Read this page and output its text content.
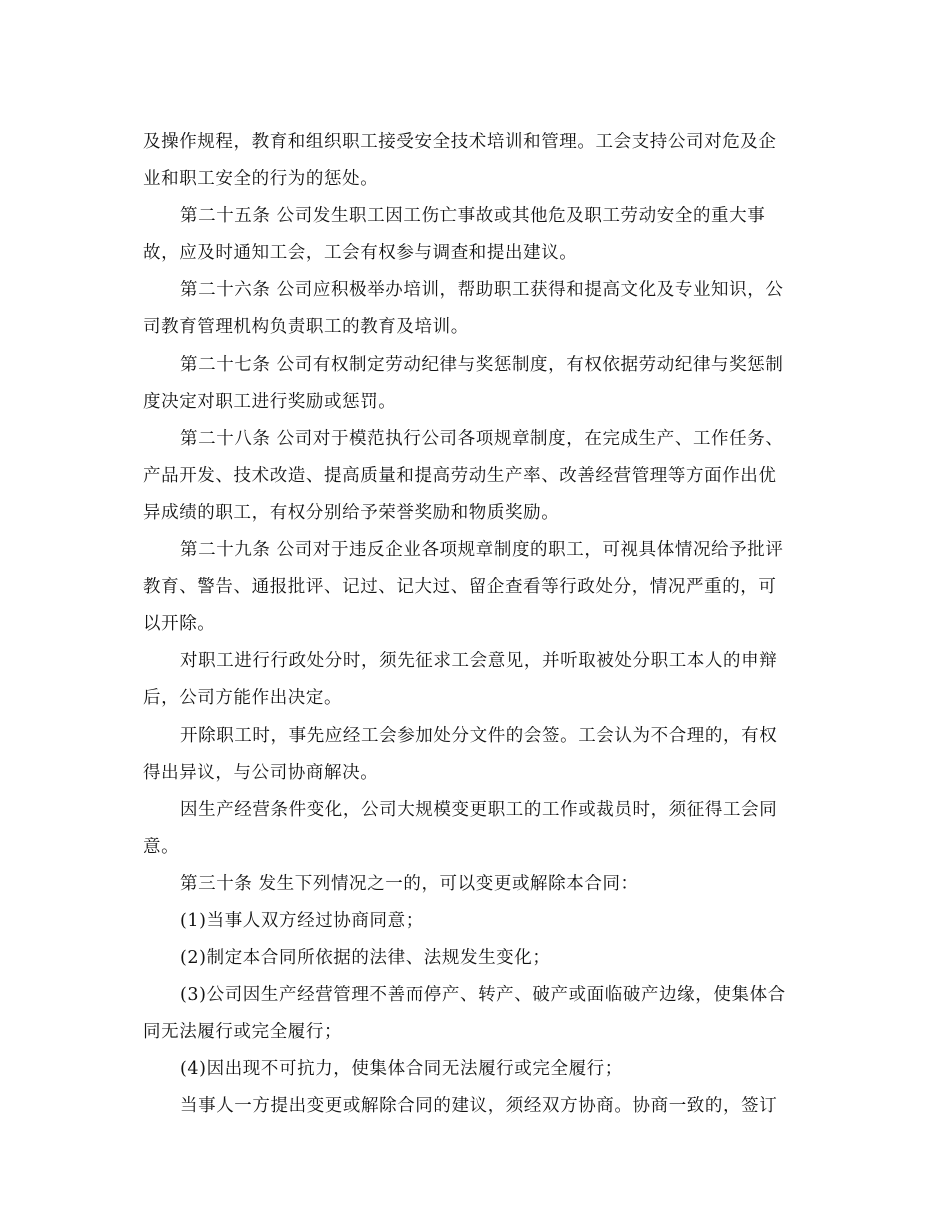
及操作规程，教育和组织职工接受安全技术培训和管理。工会支持公司对危及企
业和职工安全的行为的惩处。

第二十五条 公司发生职工因工伤亡事故或其他危及职工劳动安全的重大事
故，应及时通知工会，工会有权参与调查和提出建议。

第二十六条 公司应积极举办培训，帮助职工获得和提高文化及专业知识，公
司教育管理机构负责职工的教育及培训。

第二十七条 公司有权制定劳动纪律与奖惩制度，有权依据劳动纪律与奖惩制
度决定对职工进行奖励或惩罚。

第二十八条 公司对于模范执行公司各项规章制度，在完成生产、工作任务、
产品开发、技术改造、提高质量和提高劳动生产率、改善经营管理等方面作出优
异成绩的职工，有权分别给予荣誉奖励和物质奖励。

第二十九条 公司对于违反企业各项规章制度的职工，可视具体情况给予批评
教育、警告、通报批评、记过、记大过、留企查看等行政处分，情况严重的，可
以开除。

对职工进行行政处分时，须先征求工会意见，并听取被处分职工本人的申辩
后，公司方能作出决定。

开除职工时，事先应经工会参加处分文件的会签。工会认为不合理的，有权
得出异议，与公司协商解决。

因生产经营条件变化，公司大规模变更职工的工作或裁员时，须征得工会同
意。

第三十条 发生下列情况之一的，可以变更或解除本合同：

(1)当事人双方经过协商同意；

(2)制定本合同所依据的法律、法规发生变化；

(3)公司因生产经营管理不善而停产、转产、破产或面临破产边缘，使集体合
同无法履行或完全履行；

(4)因出现不可抗力，使集体合同无法履行或完全履行；

当事人一方提出变更或解除合同的建议，须经双方协商。协商一致的，签订
